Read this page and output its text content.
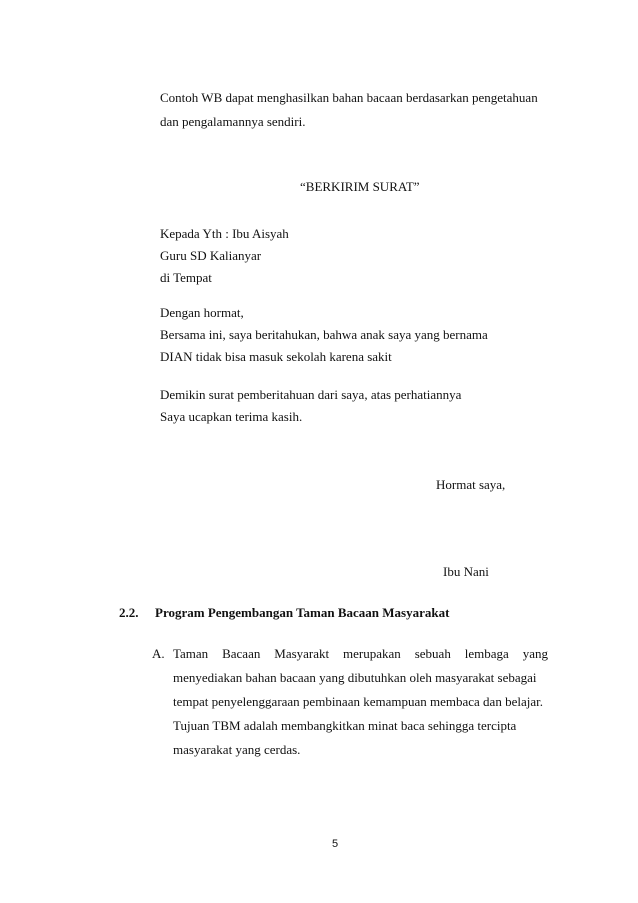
Contoh WB dapat menghasilkan bahan bacaan berdasarkan pengetahuan
dan pengalamannya sendiri.
“BERKIRIM SURAT”
Kepada Yth : Ibu Aisyah
Guru SD Kalianyar
di Tempat
Dengan hormat,
Bersama ini, saya beritahukan, bahwa anak saya yang bernama
DIAN tidak bisa masuk sekolah karena sakit
Demikin surat pemberitahuan dari saya, atas perhatiannya
Saya ucapkan terima kasih.
Hormat saya,
Ibu Nani
2.2. Program Pengembangan Taman Bacaan Masyarakat
A. Taman Bacaan Masyarakt merupakan sebuah lembaga yang
menyediakan bahan bacaan yang dibutuhkan oleh masyarakat sebagai
tempat penyelenggaraan pembinaan kemampuan membaca dan belajar.
Tujuan TBM adalah membangkitkan minat baca sehingga tercipta
masyarakat yang cerdas.
5
